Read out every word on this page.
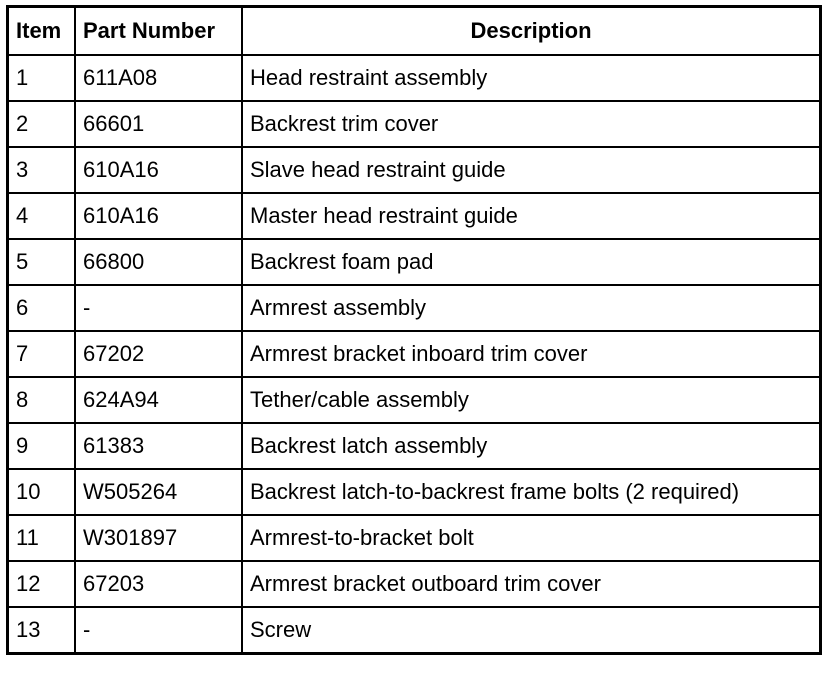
Item	Part Number	Description
1	611A08	Head restraint assembly
2	66601	Backrest trim cover
3	610A16	Slave head restraint guide
4	610A16	Master head restraint guide
5	66800	Backrest foam pad
6	-	Armrest assembly
7	67202	Armrest bracket inboard trim cover
8	624A94	Tether/cable assembly
9	61383	Backrest latch assembly
10	W505264	Backrest latch-to-backrest frame bolts (2 required)
11	W301897	Armrest-to-bracket bolt
12	67203	Armrest bracket outboard trim cover
13	-	Screw
